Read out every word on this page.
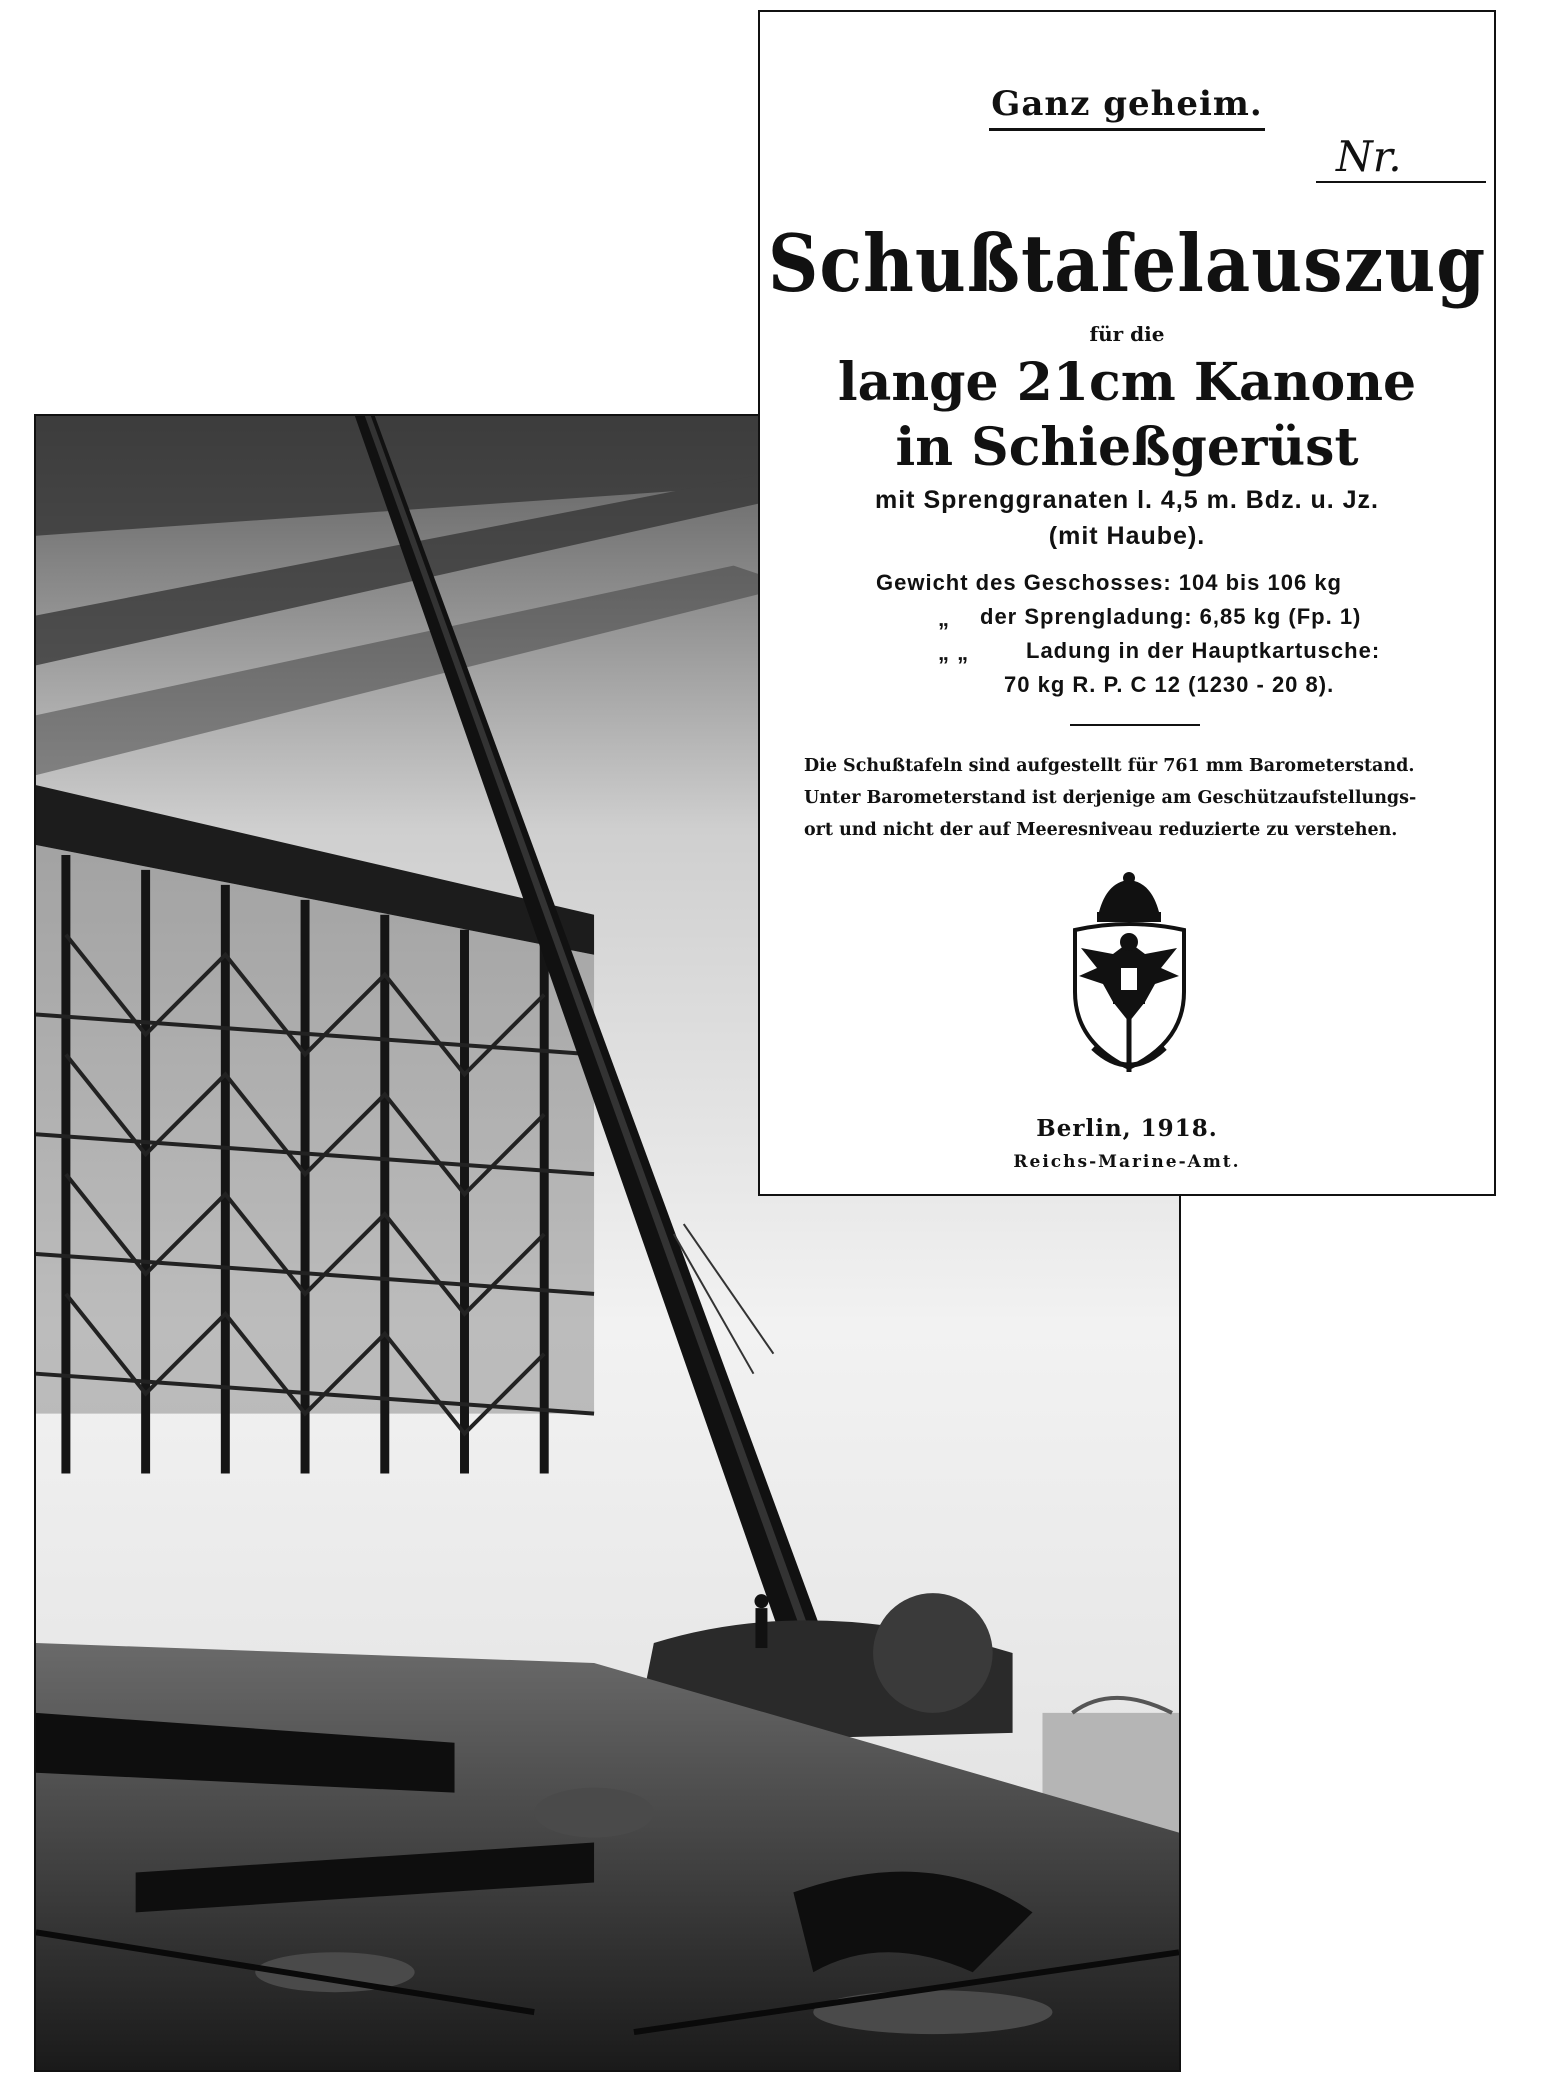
Ganz geheim.
Nr.
Schußtafelauszug
für die
lange 21cm Kanone
in Schießgerüst
mit Sprenggranaten l. 4,5 m. Bdz. u. Jz.
(mit Haube).
Gewicht des Geschosses: 104 bis 106 kg
„ der Sprengladung: 6,85 kg (Fp. 1)
„ „	Ladung in der Hauptkartusche:
70 kg R. P. C 12 (1230 - 20 8).
Die Schußtafeln sind aufgestellt für 761 mm Barometerstand.
Unter Barometerstand ist derjenige am Geschützaufstellungs-
ort und nicht der auf Meeresniveau reduzierte zu verstehen.
Berlin, 1918.
Reichs-Marine-Amt.
